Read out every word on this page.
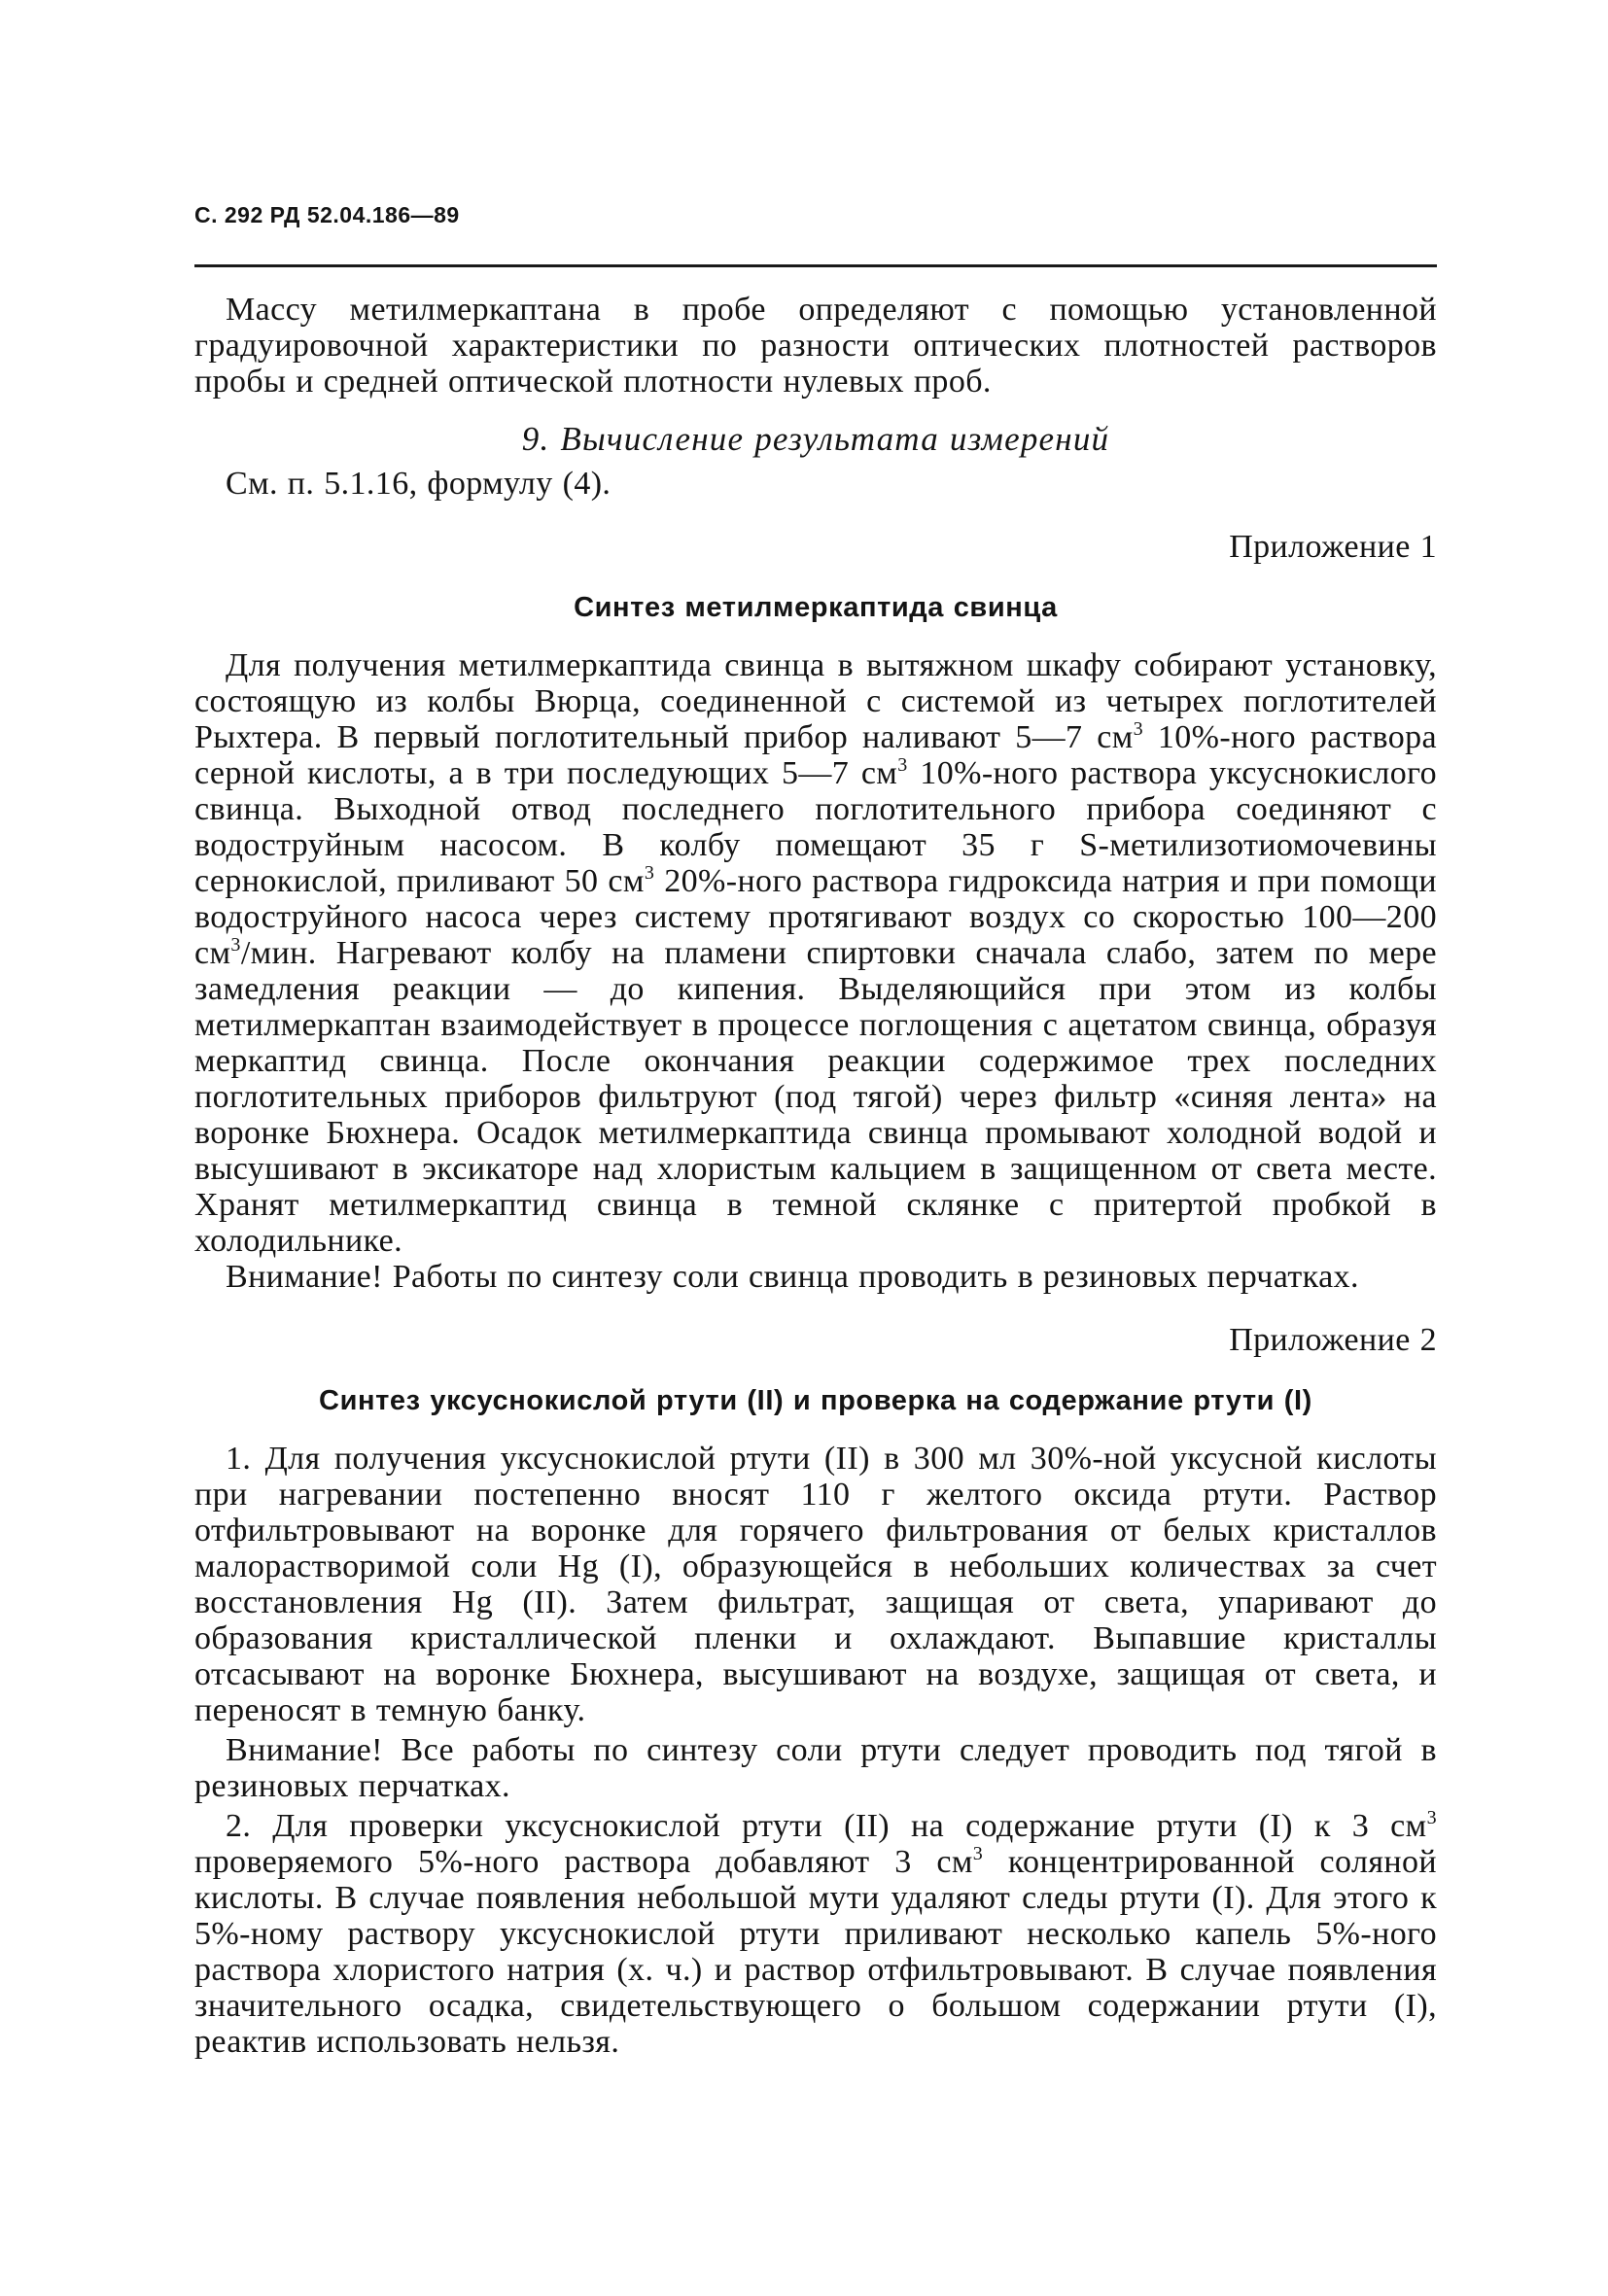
С. 292 РД 52.04.186—89

Массу метилмеркаптана в пробе определяют с помощью установленной градуировочной характеристики по разности оптических плотностей растворов пробы и средней оптической плотности нулевых проб.

9. Вычисление результата измерений

См. п. 5.1.16, формулу (4).

Приложение 1

Синтез метилмеркаптида свинца

Для получения метилмеркаптида свинца в вытяжном шкафу собирают установку, состоящую из колбы Вюрца, соединенной с системой из четырех поглотителей Рыхтера. В первый поглотительный прибор наливают 5—7 $см^3$ 10%-ного раствора серной кислоты, а в три последующих 5—7 $см^3$ 10%-ного раствора уксуснокислого свинца. Выходной отвод последнего поглотительного прибора соединяют с водоструйным насосом. В колбу помещают 35 г S-метилизотиомочевины сернокислой, приливают 50 $см^3$ 20%-ного раствора гидроксида натрия и при помощи водоструйного насоса через систему протягивают воздух со скоростью 100—200 $см^3$/мин. Нагревают колбу на пламени спиртовки сначала слабо, затем по мере замедления реакции — до кипения. Выделяющийся при этом из колбы метилмеркаптан взаимодействует в процессе поглощения с ацетатом свинца, образуя меркаптид свинца. После окончания реакции содержимое трех последних поглотительных приборов фильтруют (под тягой) через фильтр «синяя лента» на воронке Бюхнера. Осадок метилмеркаптида свинца промывают холодной водой и высушивают в эксикаторе над хлористым кальцием в защищенном от света месте. Хранят метилмеркаптид свинца в темной склянке с притертой пробкой в холодильнике.

Внимание! Работы по синтезу соли свинца проводить в резиновых перчатках.

Приложение 2

Синтез уксуснокислой ртути (II) и проверка на содержание ртути (I)

1. Для получения уксуснокислой ртути (II) в 300 мл 30%-ной уксусной кислоты при нагревании постепенно вносят 110 г желтого оксида ртути. Раствор отфильтровывают на воронке для горячего фильтрования от белых кристаллов малорастворимой соли Hg (I), образующейся в небольших количествах за счет восстановления Hg (II). Затем фильтрат, защищая от света, упаривают до образования кристаллической пленки и охлаждают. Выпавшие кристаллы отсасывают на воронке Бюхнера, высушивают на воздухе, защищая от света, и переносят в темную банку.

Внимание! Все работы по синтезу соли ртути следует проводить под тягой в резиновых перчатках.

2. Для проверки уксуснокислой ртути (II) на содержание ртути (I) к 3 $см^3$ проверяемого 5%-ного раствора добавляют 3 $см^3$ концентрированной соляной кислоты. В случае появления небольшой мути удаляют следы ртути (I). Для этого к 5%-ному раствору уксуснокислой ртути приливают несколько капель 5%-ного раствора хлористого натрия (х. ч.) и раствор отфильтровывают. В случае появления значительного осадка, свидетельствующего о большом содержании ртути (I), реактив использовать нельзя.
